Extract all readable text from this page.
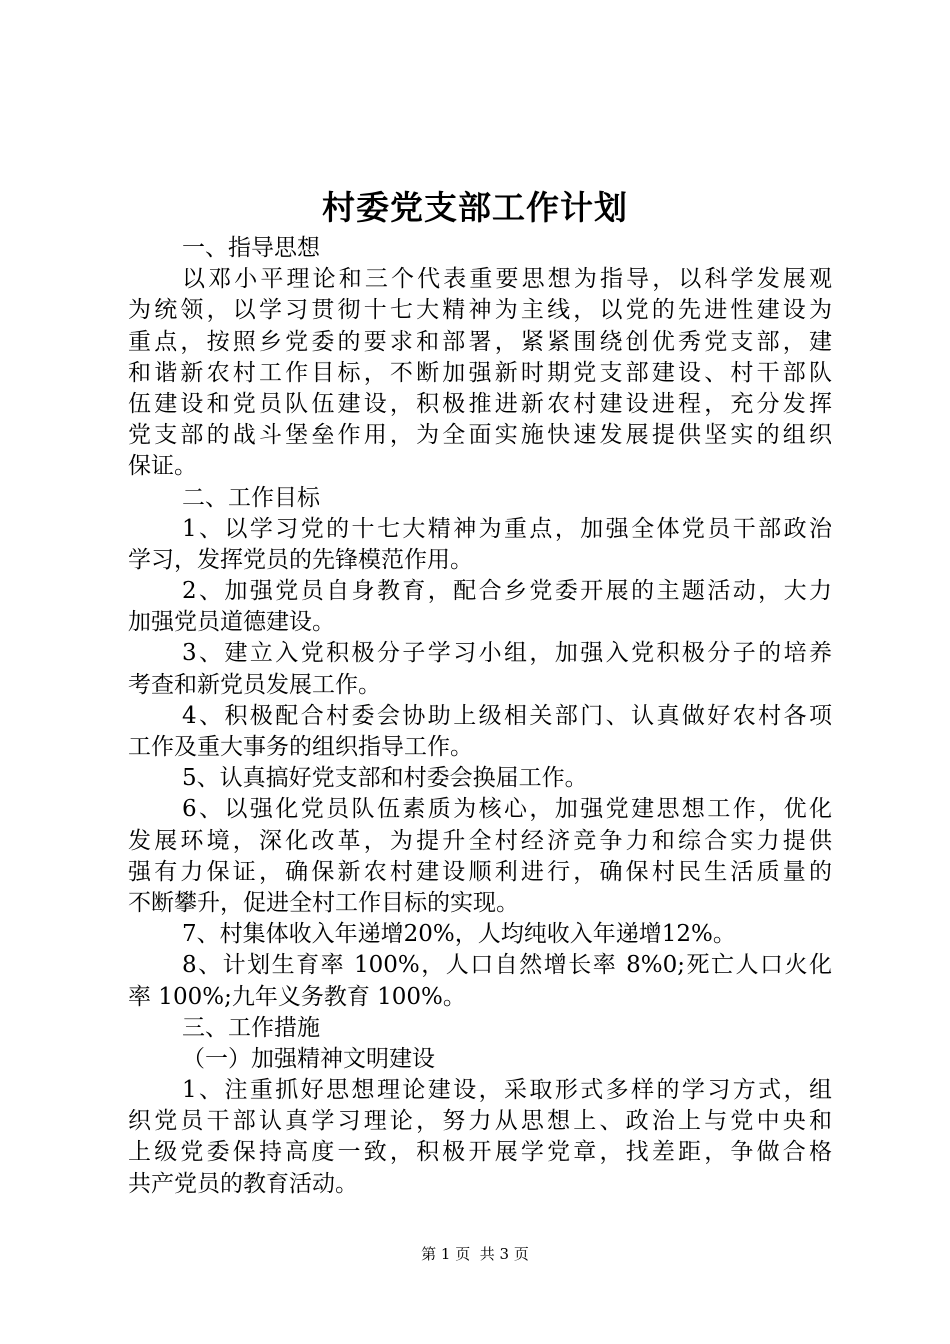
村委党支部工作计划
一、指导思想
以邓小平理论和三个代表重要思想为指导，以科学发展观
为统领，以学习贯彻十七大精神为主线，以党的先进性建设为
重点，按照乡党委的要求和部署，紧紧围绕创优秀党支部，建
和谐新农村工作目标，不断加强新时期党支部建设、村干部队
伍建设和党员队伍建设，积极推进新农村建设进程，充分发挥
党支部的战斗堡垒作用，为全面实施快速发展提供坚实的组织
保证。
二、工作目标
1、以学习党的十七大精神为重点，加强全体党员干部政治
学习，发挥党员的先锋模范作用。
2、加强党员自身教育，配合乡党委开展的主题活动，大力
加强党员道德建设。
3、建立入党积极分子学习小组，加强入党积极分子的培养
考查和新党员发展工作。
4、积极配合村委会协助上级相关部门、认真做好农村各项
工作及重大事务的组织指导工作。
5、认真搞好党支部和村委会换届工作。
6、以强化党员队伍素质为核心，加强党建思想工作，优化
发展环境，深化改革，为提升全村经济竞争力和综合实力提供
强有力保证，确保新农村建设顺利进行，确保村民生活质量的
不断攀升，促进全村工作目标的实现。
7、村集体收入年递增20%，人均纯收入年递增12%。
8、计划生育率 100%，人口自然增长率 8%0;死亡人口火化
率 100%;九年义务教育 100%。
三、工作措施
（一）加强精神文明建设
1、注重抓好思想理论建设，采取形式多样的学习方式，组
织党员干部认真学习理论，努力从思想上、政治上与党中央和
上级党委保持高度一致，积极开展学党章，找差距，争做合格
共产党员的教育活动。
第 1 页  共 3 页
